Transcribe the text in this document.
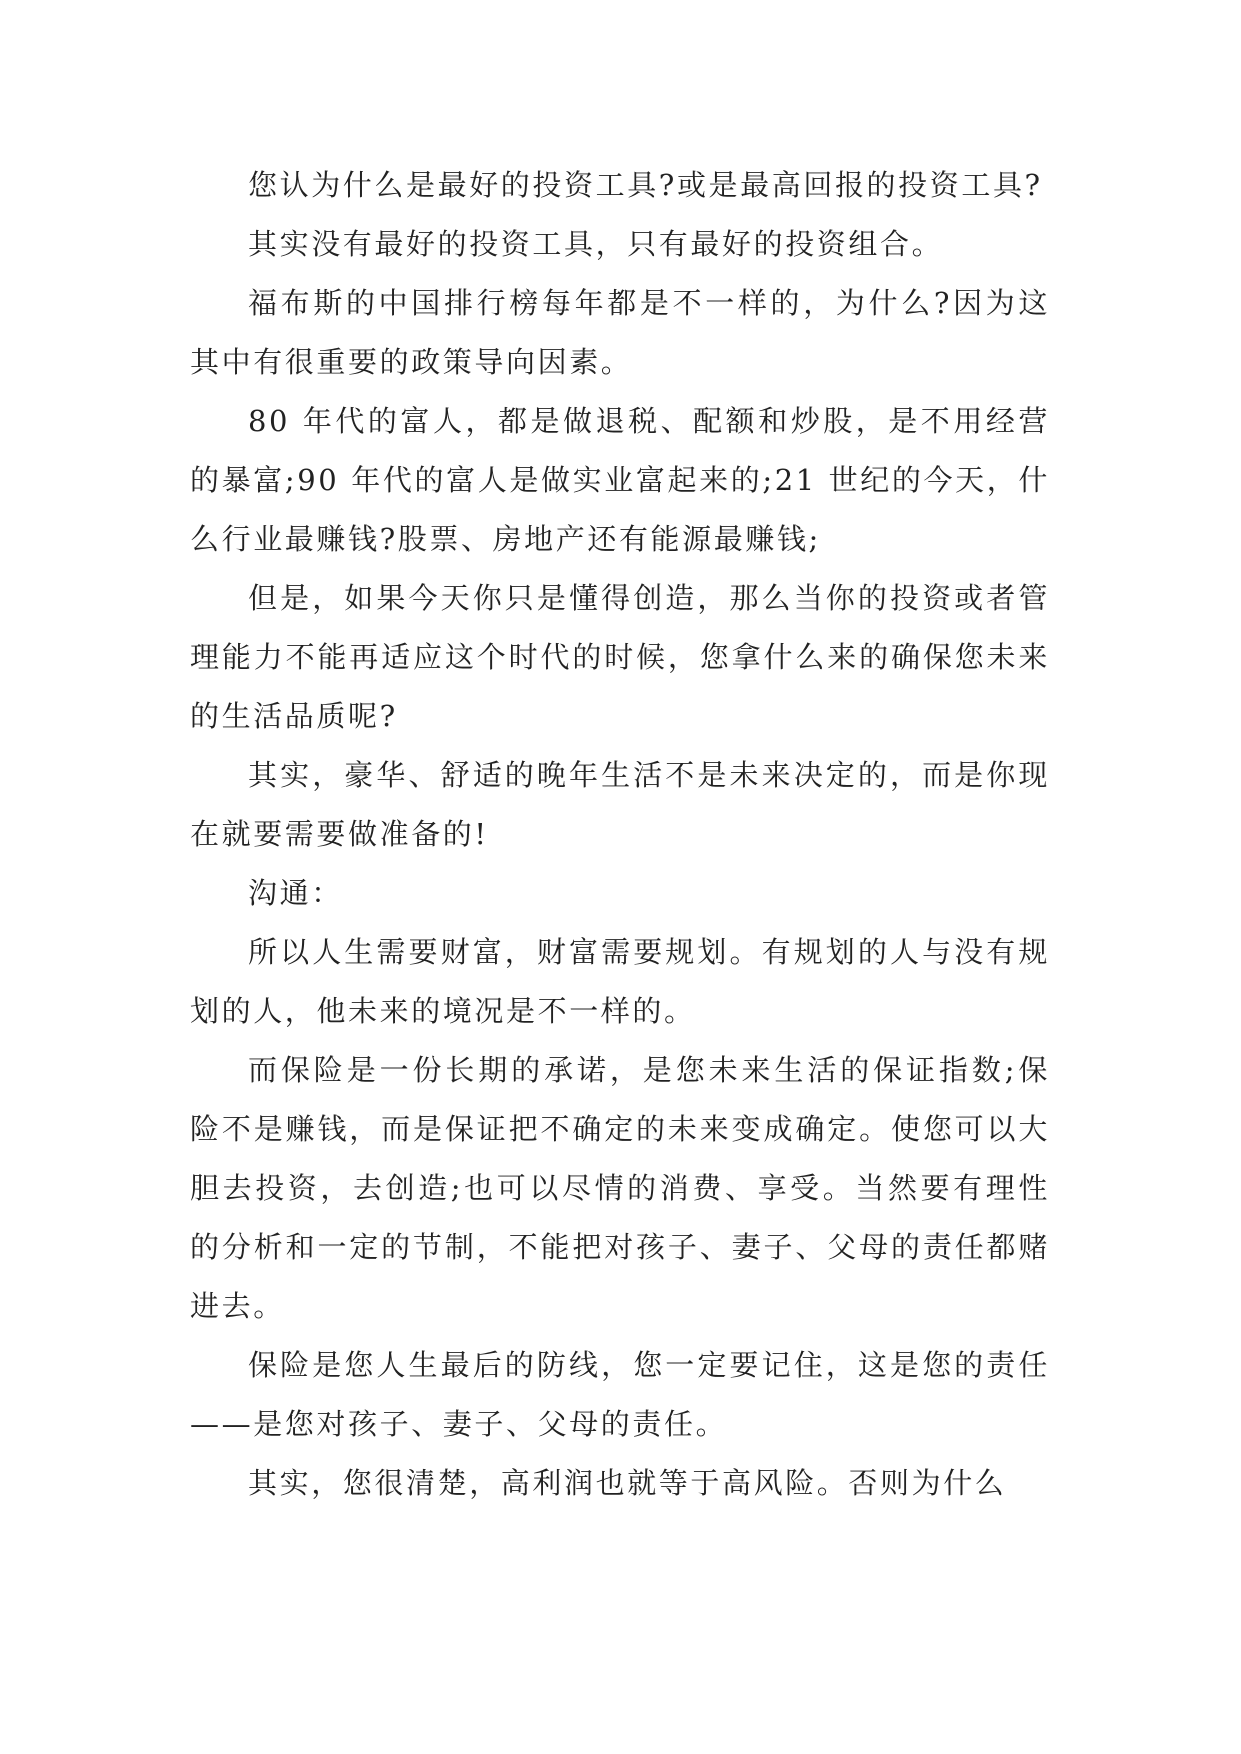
您认为什么是最好的投资工具?或是最高回报的投资工具?

其实没有最好的投资工具，只有最好的投资组合。

福布斯的中国排行榜每年都是不一样的，为什么?因为这其中有很重要的政策导向因素。

80 年代的富人，都是做退税、配额和炒股，是不用经营的暴富;90 年代的富人是做实业富起来的;21 世纪的今天，什么行业最赚钱?股票、房地产还有能源最赚钱;

但是，如果今天你只是懂得创造，那么当你的投资或者管理能力不能再适应这个时代的时候，您拿什么来的确保您未来的生活品质呢?

其实，豪华、舒适的晚年生活不是未来决定的，而是你现在就要需要做准备的!

沟通：

所以人生需要财富，财富需要规划。有规划的人与没有规划的人，他未来的境况是不一样的。

而保险是一份长期的承诺，是您未来生活的保证指数;保险不是赚钱，而是保证把不确定的未来变成确定。使您可以大胆去投资，去创造;也可以尽情的消费、享受。当然要有理性的分析和一定的节制，不能把对孩子、妻子、父母的责任都赌进去。

保险是您人生最后的防线，您一定要记住，这是您的责任——是您对孩子、妻子、父母的责任。

其实，您很清楚，高利润也就等于高风险。否则为什么
